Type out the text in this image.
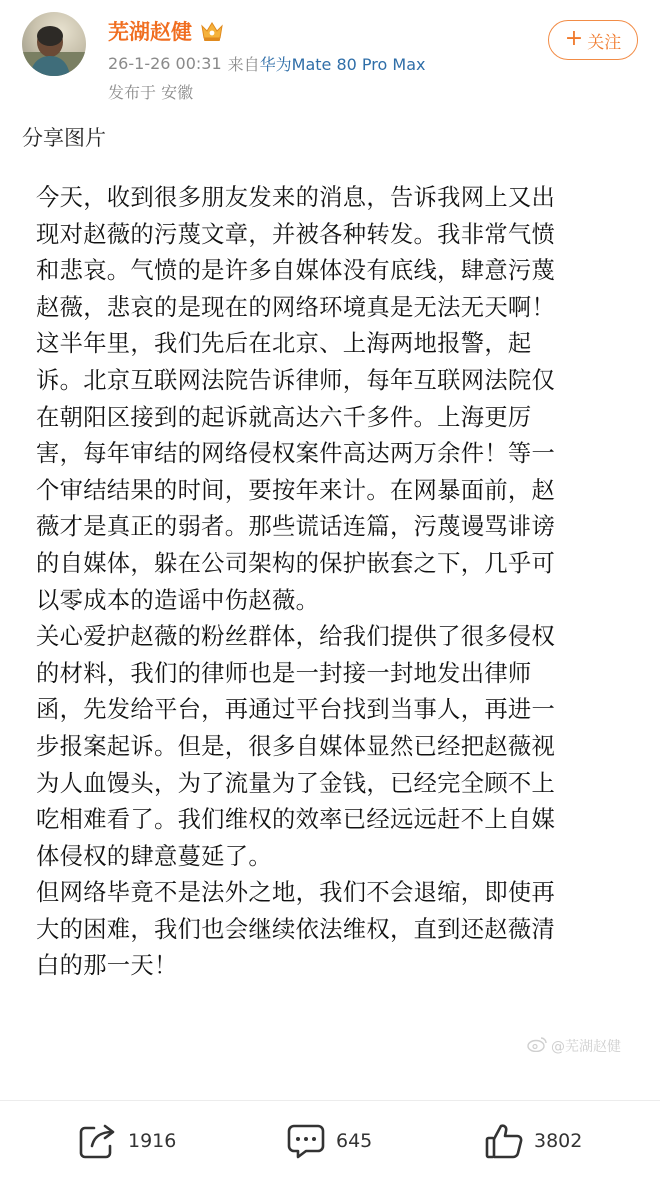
芜湖赵健
26-1-26 00:31 来自 华为Mate 80 Pro Max
发布于 安徽
+ 关注
分享图片
今天，收到很多朋友发来的消息，告诉我网上又出
现对赵薇的污蔑文章，并被各种转发。我非常气愤
和悲哀。气愤的是许多自媒体没有底线，肆意污蔑
赵薇，悲哀的是现在的网络环境真是无法无天啊！
这半年里，我们先后在北京、上海两地报警，起
诉。北京互联网法院告诉律师，每年互联网法院仅
在朝阳区接到的起诉就高达六千多件。上海更厉
害，每年审结的网络侵权案件高达两万余件！等一
个审结结果的时间，要按年来计。在网暴面前，赵
薇才是真正的弱者。那些谎话连篇，污蔑谩骂诽谤
的自媒体，躲在公司架构的保护嵌套之下，几乎可
以零成本的造谣中伤赵薇。
关心爱护赵薇的粉丝群体，给我们提供了很多侵权
的材料，我们的律师也是一封接一封地发出律师
函，先发给平台，再通过平台找到当事人，再进一
步报案起诉。但是，很多自媒体显然已经把赵薇视
为人血馒头，为了流量为了金钱，已经完全顾不上
吃相难看了。我们维权的效率已经远远赶不上自媒
体侵权的肆意蔓延了。
但网络毕竟不是法外之地，我们不会退缩，即使再
大的困难，我们也会继续依法维权，直到还赵薇清
白的那一天！
@芜湖赵健
1916	645	3802
